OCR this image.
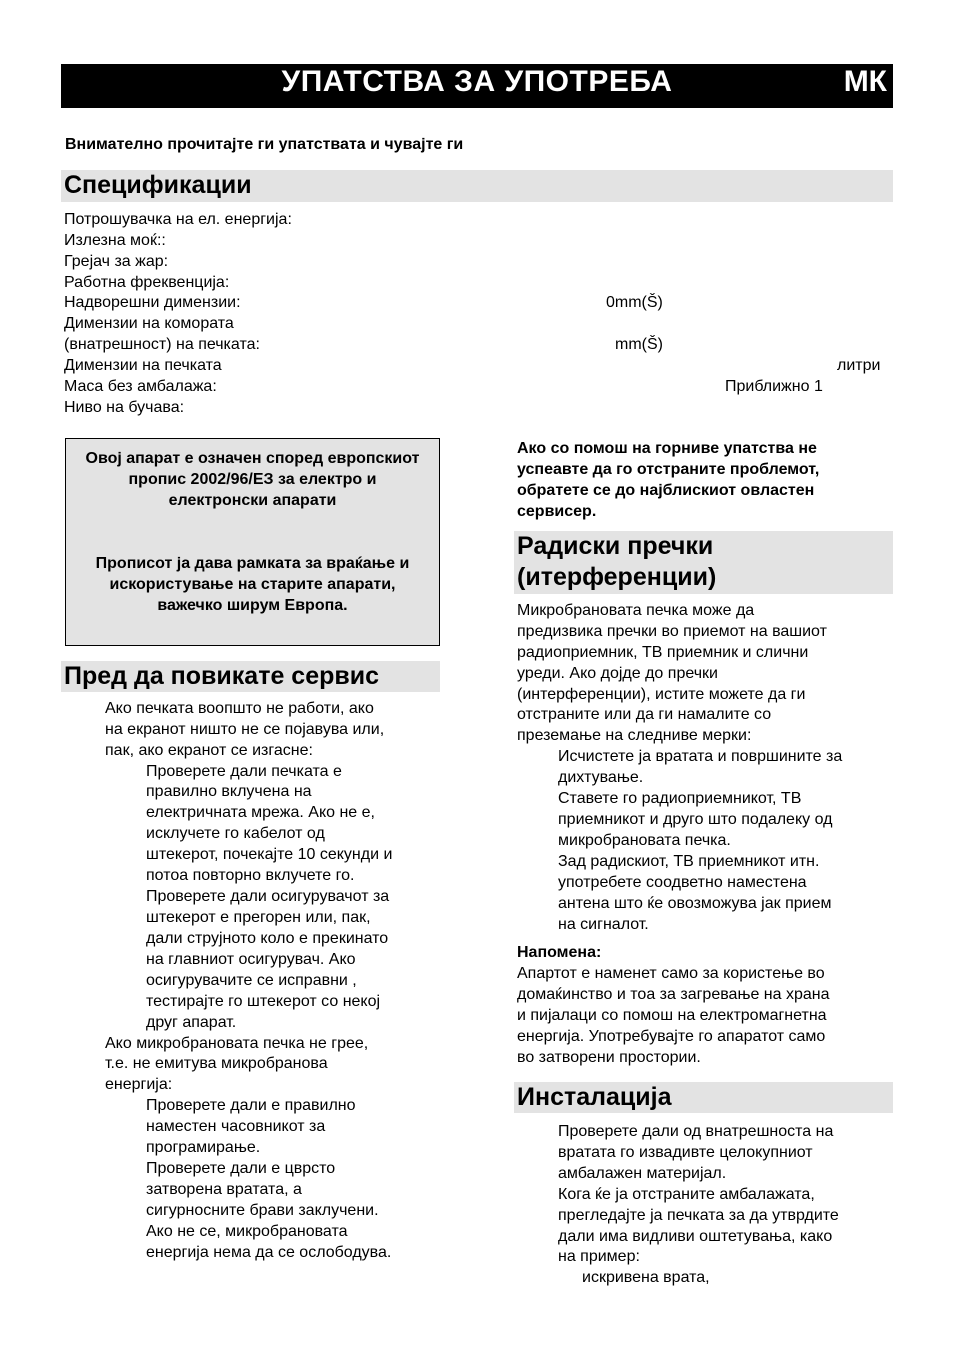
УПАТСТВА ЗА УПОТРЕБА	МК
Внимателно прочитајте ги упатствата и чувајте ги
Спецификации
Потрошувачка на ел. енергија:
Излезна моќ::
Грејач за жар:
Работна фреквенција:
Надворешни димензии:	0mm(Š)
Димензии на комората
(внатрешност) на печката:	mm(Š)
Димензии на печката	литри
Маса без амбалажа:	Приближно 1
Ниво на бучава:

Овој апарат е означен според европскиот пропис 2002/96/ЕЗ за електро и електронски апарати

Прописот ја дава рамката за враќање и искористување на старите апарати, важечко ширум Европа.

Пред да повикате сервис
Ако печката воопшто не работи, ако
на екранот ништо не се појавува или,
пак, ако екранот се изгасне:
Проверете дали печката е
правилно вклучена на
електричната мрежа. Ако не е,
исклучете го кабелот од
штекерот, почекајте 10 секунди и
потоа повторно вклучете го.
Проверете дали осигурувачот за
штекерот е прегорен или, пак,
дали струјното коло е прекинато
на главниот осигурувач. Ако
осигурувачите се исправни ,
тестирајте го штекерот со некој
друг апарат.
Ако микробрановата печка не грее,
т.е. не емитува микробранова
енергија:
Проверете дали е правилно
наместен часовникот за
програмирање.
Проверете дали е цврсто
затворена вратата, а
сигурносните брави заклучени.
Ако не се, микробрановата
енергија нема да се ослободува.
Ако со помош на горниве упатства не
успеавте да го отстраните проблемот,
обратете се до најблискиот овластен
сервисер.
Радиски пречки
(итерференции)
Микробрановата печка може да
предизвика пречки во приемот на вашиот
радиоприемник, ТВ приемник и слични
уреди. Ако дојде до пречки
(интерференции), истите можете да ги
отстраните или да ги намалите со
преземање на следниве мерки:
Исчистете ја вратата и површините за
дихтување.
Ставете го радиоприемникот, ТВ
приемникот и друго што подалеку од
микробрановата печка.
Зад радискиот, ТВ приемникот итн.
употребете соодветно наместена
антена што ќе овозможува јак прием
на сигналот.
Напомена:
Апартот е наменет само за користење во
домаќинство и тоа за загревање на храна
и пијалаци со помош на електромагнетна
енергија. Употребувајте го апаратот само
во затворени простории.
Инсталација
Проверете дали од внатрешноста на
вратата го извадивте целокупниот
амбалажен материјал.
Кога ќе ја отстраните амбалажата,
прегледајте ја печката за да утврдите
дали има видливи оштетувања, како
на пример:
искривена врата,
